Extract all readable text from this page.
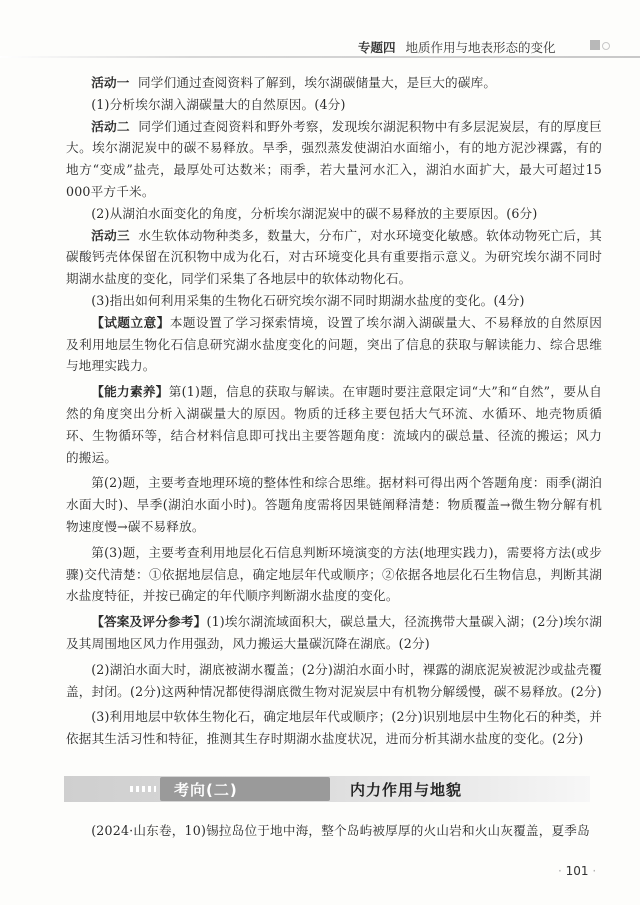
专题四 地质作用与地表形态的变化

活动一 同学们通过查阅资料了解到，埃尔湖碳储量大，是巨大的碳库。

(1)分析埃尔湖入湖碳量大的自然原因。(4分)

活动二 同学们通过查阅资料和野外考察，发现埃尔湖泥积物中有多层泥炭层，有的厚度巨大。埃尔湖泥炭中的碳不易释放。旱季，强烈蒸发使湖泊水面缩小，有的地方泥沙裸露，有的地方“变成”盐壳，最厚处可达数米；雨季，若大量河水汇入，湖泊水面扩大，最大可超过15 000平方千米。

(2)从湖泊水面变化的角度，分析埃尔湖泥炭中的碳不易释放的主要原因。(6分)

活动三 水生软体动物种类多，数量大，分布广，对水环境变化敏感。软体动物死亡后，其碳酸钙壳体保留在沉积物中成为化石，对古环境变化具有重要指示意义。为研究埃尔湖不同时期湖水盐度的变化，同学们采集了各地层中的软体动物化石。

(3)指出如何利用采集的生物化石研究埃尔湖不同时期湖水盐度的变化。(4分)

【试题立意】本题设置了学习探索情境，设置了埃尔湖入湖碳量大、不易释放的自然原因及利用地层生物化石信息研究湖水盐度变化的问题，突出了信息的获取与解读能力、综合思维与地理实践力。

【能力素养】第(1)题，信息的获取与解读。在审题时要注意限定词“大”和“自然”，要从自然的角度突出分析入湖碳量大的原因。物质的迁移主要包括大气环流、水循环、地壳物质循环、生物循环等，结合材料信息即可找出主要答题角度：流域内的碳总量、径流的搬运；风力的搬运。

第(2)题，主要考查地理环境的整体性和综合思维。据材料可得出两个答题角度：雨季(湖泊水面大时)、旱季(湖泊水面小时)。答题角度需将因果链阐释清楚：物质覆盖→微生物分解有机物速度慢→碳不易释放。

第(3)题，主要考查利用地层化石信息判断环境演变的方法(地理实践力)，需要将方法(或步骤)交代清楚：①依据地层信息，确定地层年代或顺序；②依据各地层化石生物信息，判断其湖水盐度特征，并按已确定的年代顺序判断湖水盐度的变化。

【答案及评分参考】(1)埃尔湖流域面积大，碳总量大，径流携带大量碳入湖；(2分)埃尔湖及其周围地区风力作用强劲，风力搬运大量碳沉降在湖底。(2分)

(2)湖泊水面大时，湖底被湖水覆盖；(2分)湖泊水面小时，裸露的湖底泥炭被泥沙或盐壳覆盖，封闭。(2分)这两种情况都使得湖底微生物对泥炭层中有机物分解缓慢，碳不易释放。(2分)

(3)利用地层中软体生物化石，确定地层年代或顺序；(2分)识别地层中生物化石的种类，并依据其生活习性和特征，推测其生存时期湖水盐度状况，进而分析其湖水盐度的变化。(2分)

考向(二)	内力作用与地貌

(2024·山东卷，10)锡拉岛位于地中海，整个岛屿被厚厚的火山岩和火山灰覆盖，夏季岛

· 101 ·
